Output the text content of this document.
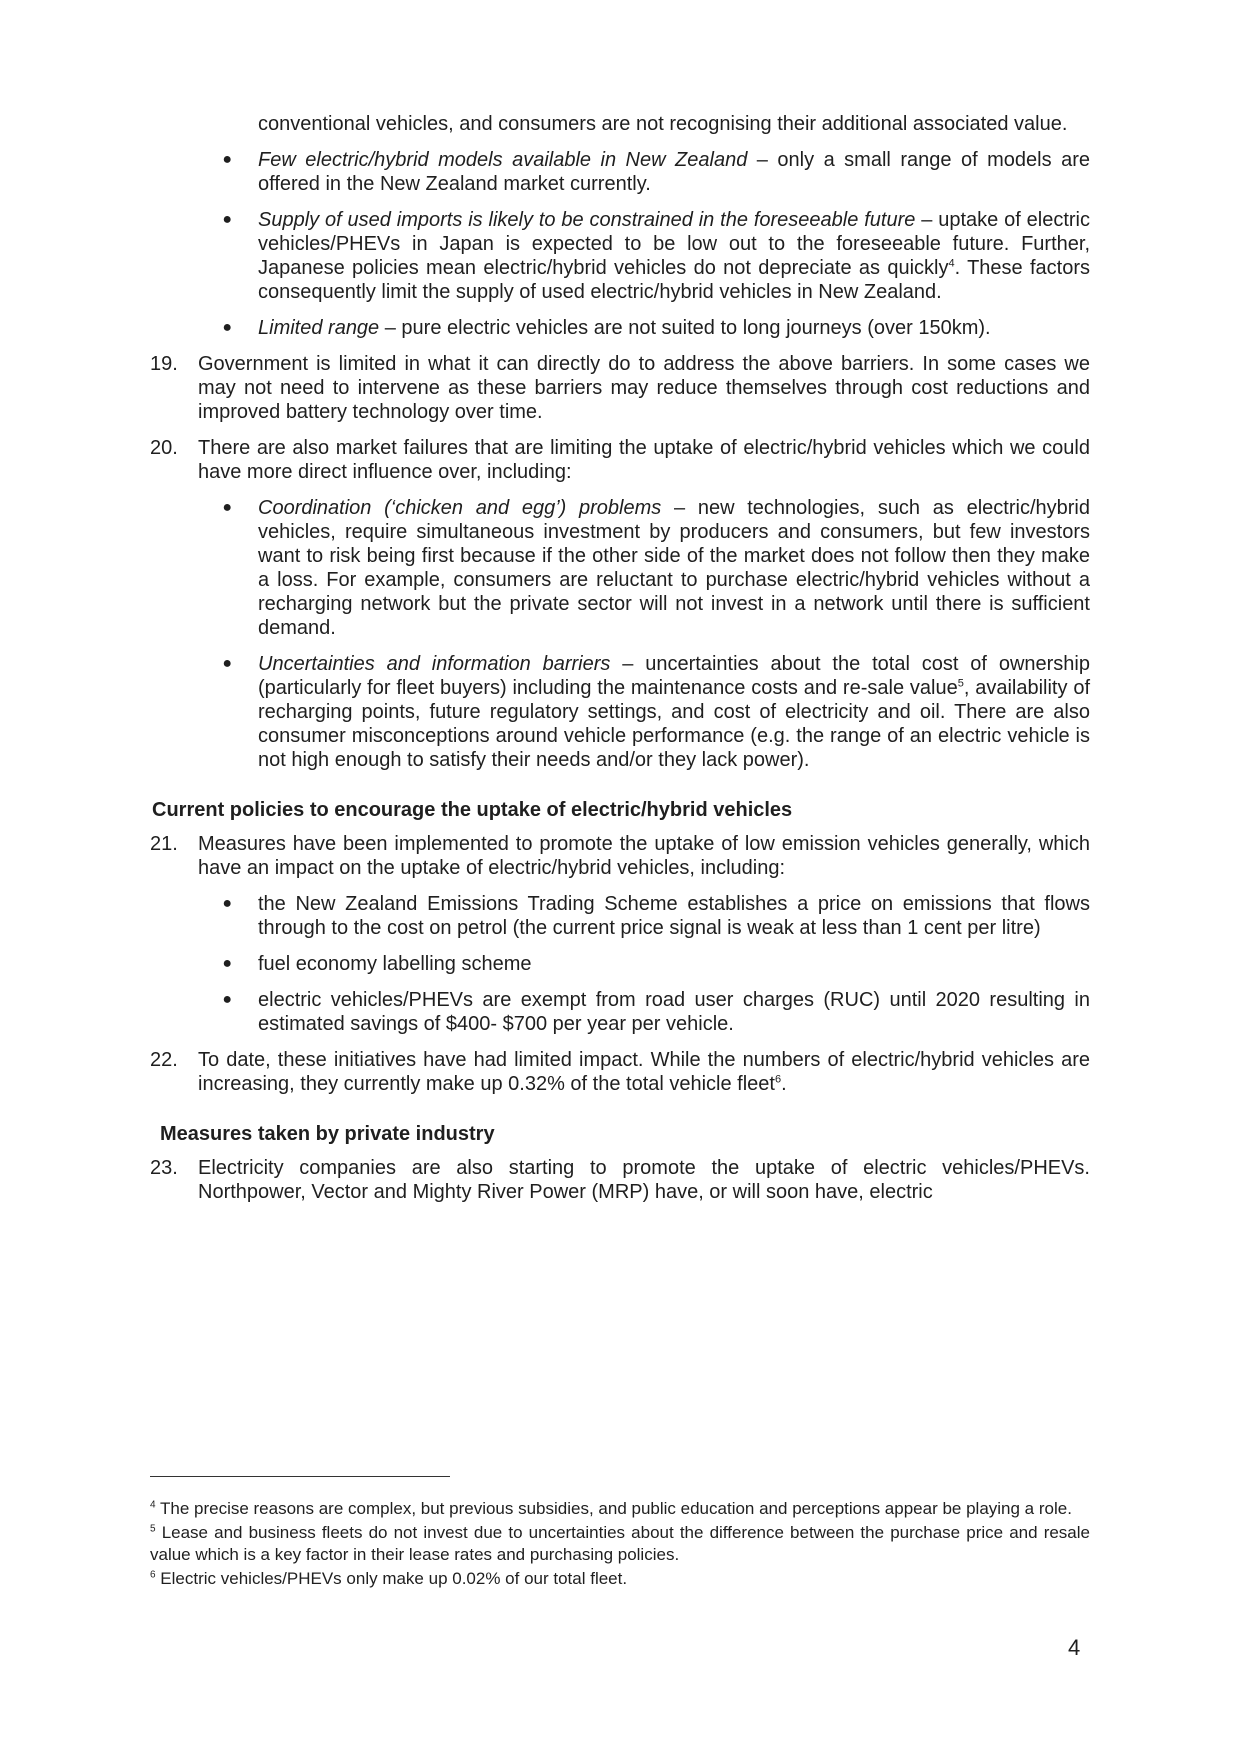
conventional vehicles, and consumers are not recognising their additional associated value.
●	Few electric/hybrid models available in New Zealand – only a small range of models are offered in the New Zealand market currently.
●	Supply of used imports is likely to be constrained in the foreseeable future – uptake of electric vehicles/PHEVs in Japan is expected to be low out to the foreseeable future. Further, Japanese policies mean electric/hybrid vehicles do not depreciate as quickly$^4$. These factors consequently limit the supply of used electric/hybrid vehicles in New Zealand.
●	Limited range – pure electric vehicles are not suited to long journeys (over 150km).
19.	Government is limited in what it can directly do to address the above barriers. In some cases we may not need to intervene as these barriers may reduce themselves through cost reductions and improved battery technology over time.
20.	There are also market failures that are limiting the uptake of electric/hybrid vehicles which we could have more direct influence over, including:
●	Coordination (‘chicken and egg’) problems – new technologies, such as electric/hybrid vehicles, require simultaneous investment by producers and consumers, but few investors want to risk being first because if the other side of the market does not follow then they make a loss. For example, consumers are reluctant to purchase electric/hybrid vehicles without a recharging network but the private sector will not invest in a network until there is sufficient demand.
●	Uncertainties and information barriers – uncertainties about the total cost of ownership (particularly for fleet buyers) including the maintenance costs and re-sale value$^5$, availability of recharging points, future regulatory settings, and cost of electricity and oil. There are also consumer misconceptions around vehicle performance (e.g. the range of an electric vehicle is not high enough to satisfy their needs and/or they lack power).
Current policies to encourage the uptake of electric/hybrid vehicles
21.	Measures have been implemented to promote the uptake of low emission vehicles generally, which have an impact on the uptake of electric/hybrid vehicles, including:
●	the New Zealand Emissions Trading Scheme establishes a price on emissions that flows through to the cost on petrol (the current price signal is weak at less than 1 cent per litre)
●	fuel economy labelling scheme
●	electric vehicles/PHEVs are exempt from road user charges (RUC) until 2020 resulting in estimated savings of $400- $700 per year per vehicle.
22.	To date, these initiatives have had limited impact. While the numbers of electric/hybrid vehicles are increasing, they currently make up 0.32% of the total vehicle fleet$^6$.
Measures taken by private industry
23.	Electricity companies are also starting to promote the uptake of electric vehicles/PHEVs. Northpower, Vector and Mighty River Power (MRP) have, or will soon have, electric
$^4$ The precise reasons are complex, but previous subsidies, and public education and perceptions appear be playing a role.
$^5$ Lease and business fleets do not invest due to uncertainties about the difference between the purchase price and resale value which is a key factor in their lease rates and purchasing policies.
$^6$ Electric vehicles/PHEVs only make up 0.02% of our total fleet.
4
